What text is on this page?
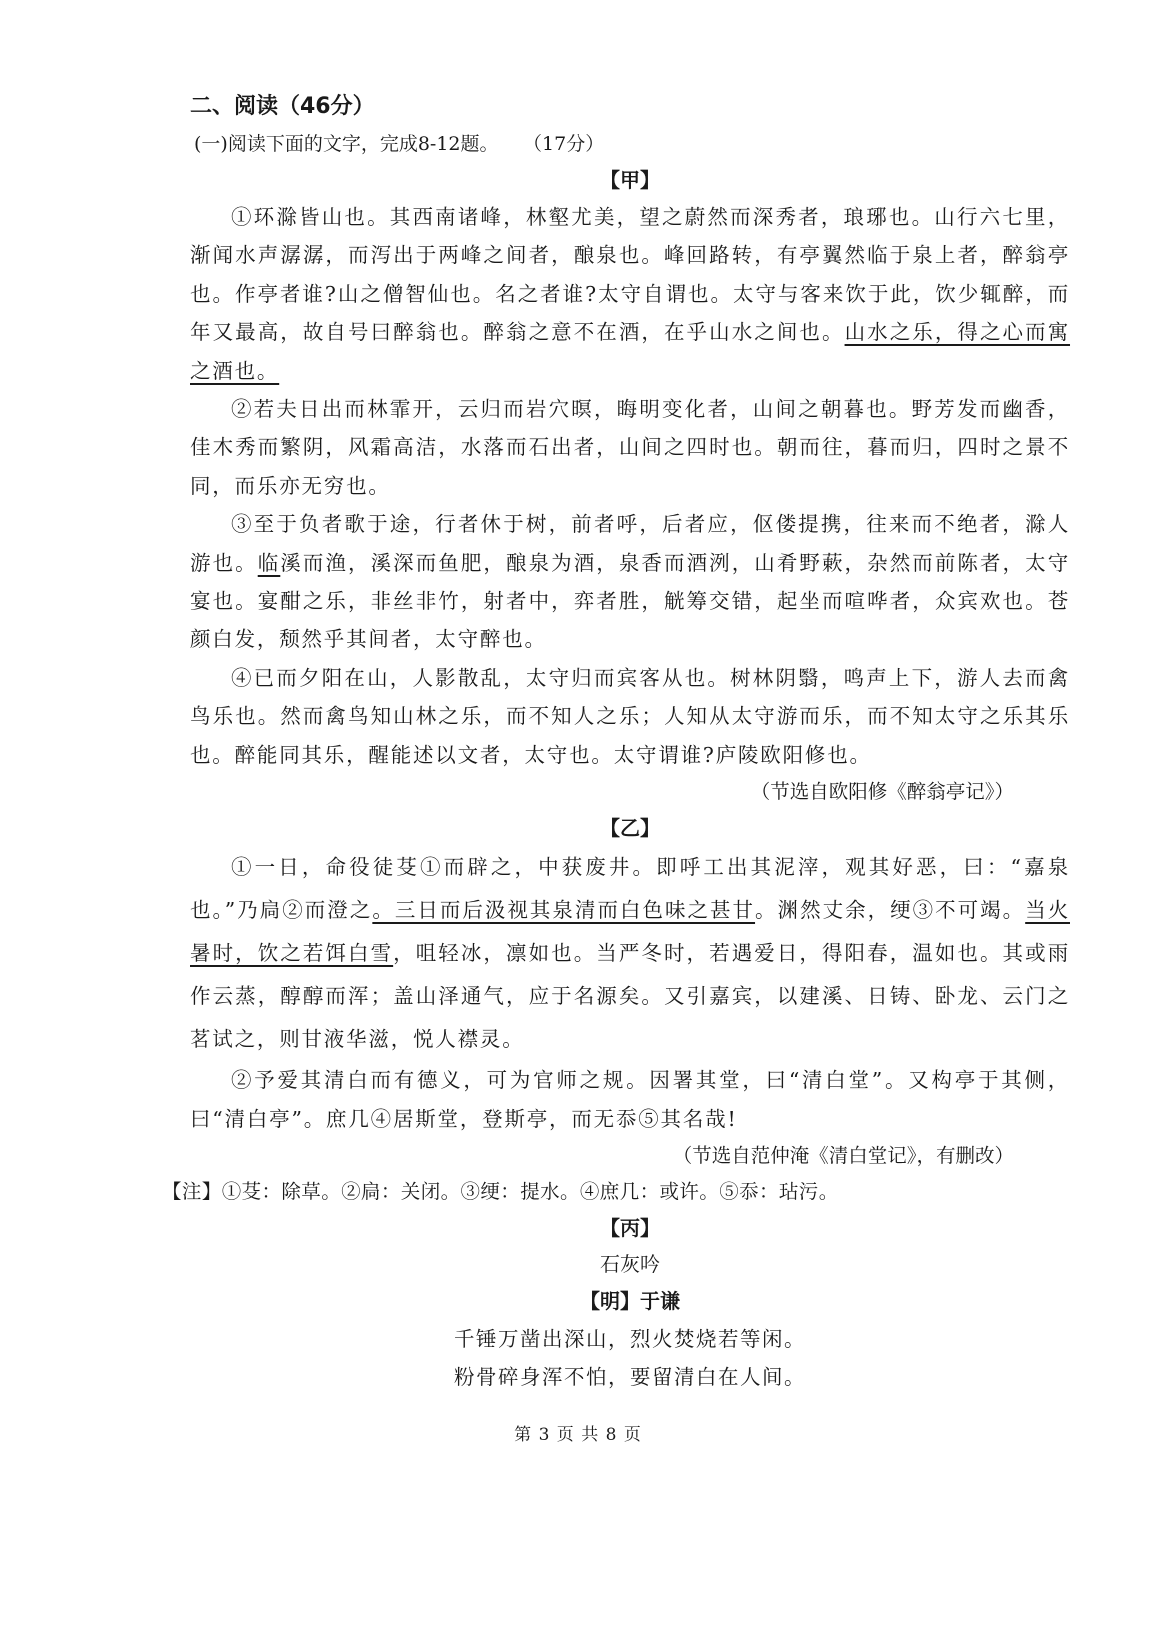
二、阅读（46分）
(一)阅读下面的文字，完成8-12题。 （17分）
【甲】

①环滁皆山也。其西南诸峰，林壑尤美，望之蔚然而深秀者，琅琊也。山行六七里，渐闻水声潺潺，而泻出于两峰之间者，酿泉也。峰回路转，有亭翼然临于泉上者，醉翁亭也。作亭者谁?山之僧智仙也。名之者谁?太守自谓也。太守与客来饮于此，饮少辄醉，而年又最高，故自号曰醉翁也。醉翁之意不在酒，在乎山水之间也。山水之乐，得之心而寓之酒也。

②若夫日出而林霏开，云归而岩穴暝，晦明变化者，山间之朝暮也。野芳发而幽香，佳木秀而繁阴，风霜高洁，水落而石出者，山间之四时也。朝而往，暮而归，四时之景不同，而乐亦无穷也。

③至于负者歌于途，行者休于树，前者呼，后者应，伛偻提携，往来而不绝者，滁人游也。临溪而渔，溪深而鱼肥，酿泉为酒，泉香而酒洌，山肴野蔌，杂然而前陈者，太守宴也。宴酣之乐，非丝非竹，射者中，弈者胜，觥筹交错，起坐而喧哗者，众宾欢也。苍颜白发，颓然乎其间者，太守醉也。

④已而夕阳在山，人影散乱，太守归而宾客从也。树林阴翳，鸣声上下，游人去而禽鸟乐也。然而禽鸟知山林之乐，而不知人之乐；人知从太守游而乐，而不知太守之乐其乐也。醉能同其乐，醒能述以文者，太守也。太守谓谁?庐陵欧阳修也。

（节选自欧阳修《醉翁亭记》）
【乙】

①一日，命役徒芟①而辟之，中获废井。即呼工出其泥滓，观其好恶，曰：“嘉泉也。”乃扃②而澄之。三日而后汲视其泉清而白色味之甚甘。渊然丈余，绠③不可竭。当火暑时，饮之若饵白雪，咀轻冰，凛如也。当严冬时，若遇爱日，得阳春，温如也。其或雨作云蒸，醇醇而浑；盖山泽通气，应于名源矣。又引嘉宾，以建溪、日铸、卧龙、云门之茗试之，则甘液华滋，悦人襟灵。

②予爱其清白而有德义，可为官师之规。因署其堂，曰“清白堂”。又构亭于其侧，曰“清白亭”。庶几④居斯堂，登斯亭，而无忝⑤其名哉!

（节选自范仲淹《清白堂记》，有删改）
【注】①芟：除草。②扃：关闭。③绠：提水。④庶几：或许。⑤忝：玷污。
【丙】
石灰吟
【明】于谦
千锤万凿出深山，烈火焚烧若等闲。
粉骨碎身浑不怕，要留清白在人间。
第 3 页 共 8 页
